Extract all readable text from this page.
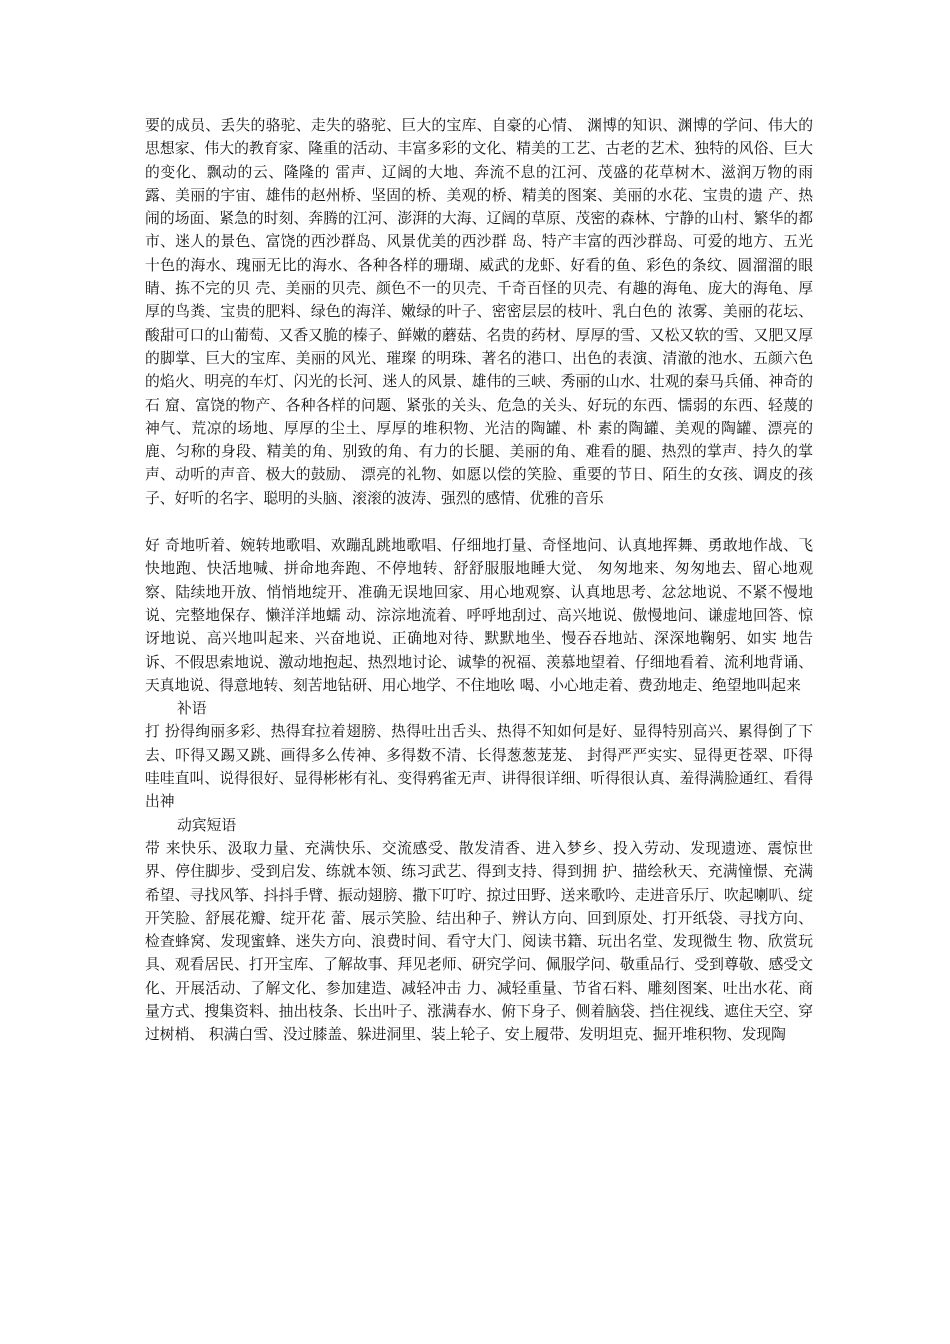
要的成员、丢失的骆驼、走失的骆驼、巨大的宝库、自豪的心情、 渊博的知识、渊博的学问、伟大的思想家、伟大的教育家、隆重的活动、丰富多彩的文化、精美的工艺、古老的艺术、独特的风俗、巨大的变化、飘动的云、隆隆的 雷声、辽阔的大地、奔流不息的江河、茂盛的花草树木、滋润万物的雨露、美丽的宇宙、雄伟的赵州桥、坚固的桥、美观的桥、精美的图案、美丽的水花、宝贵的遗 产、热闹的场面、紧急的时刻、奔腾的江河、澎湃的大海、辽阔的草原、茂密的森林、宁静的山村、繁华的都市、迷人的景色、富饶的西沙群岛、风景优美的西沙群 岛、特产丰富的西沙群岛、可爱的地方、五光十色的海水、瑰丽无比的海水、各种各样的珊瑚、威武的龙虾、好看的鱼、彩色的条纹、圆溜溜的眼睛、拣不完的贝 壳、美丽的贝壳、颜色不一的贝壳、千奇百怪的贝壳、有趣的海龟、庞大的海龟、厚厚的鸟粪、宝贵的肥料、绿色的海洋、嫩绿的叶子、密密层层的枝叶、乳白色的 浓雾、美丽的花坛、酸甜可口的山葡萄、又香又脆的榛子、鲜嫩的蘑菇、名贵的药材、厚厚的雪、又松又软的雪、又肥又厚的脚掌、巨大的宝库、美丽的风光、璀璨 的明珠、著名的港口、出色的表演、清澈的池水、五颜六色的焰火、明亮的车灯、闪光的长河、迷人的风景、雄伟的三峡、秀丽的山水、壮观的秦马兵俑、神奇的石 窟、富饶的物产、各种各样的问题、紧张的关头、危急的关头、好玩的东西、懦弱的东西、轻蔑的神气、荒凉的场地、厚厚的尘土、厚厚的堆积物、光洁的陶罐、朴 素的陶罐、美观的陶罐、漂亮的鹿、匀称的身段、精美的角、别致的角、有力的长腿、美丽的角、难看的腿、热烈的掌声、持久的掌声、动听的声音、极大的鼓励、 漂亮的礼物、如愿以偿的笑脸、重要的节日、陌生的女孩、调皮的孩子、好听的名字、聪明的头脑、滚滚的波涛、强烈的感情、优雅的音乐

好 奇地听着、婉转地歌唱、欢蹦乱跳地歌唱、仔细地打量、奇怪地问、认真地挥舞、勇敢地作战、飞快地跑、快活地喊、拼命地奔跑、不停地转、舒舒服服地睡大觉、 匆匆地来、匆匆地去、留心地观察、陆续地开放、悄悄地绽开、准确无误地回家、用心地观察、认真地思考、忿忿地说、不紧不慢地说、完整地保存、懒洋洋地蠕 动、淙淙地流着、呼呼地刮过、高兴地说、傲慢地问、谦虚地回答、惊讶地说、高兴地叫起来、兴奋地说、正确地对待、默默地坐、慢吞吞地站、深深地鞠躬、如实 地告诉、不假思索地说、激动地抱起、热烈地讨论、诚挚的祝福、羡慕地望着、仔细地看着、流利地背诵、天真地说、得意地转、刻苦地钻研、用心地学、不住地吆 喝、小心地走着、费劲地走、绝望地叫起来

补语

打 扮得绚丽多彩、热得耷拉着翅膀、热得吐出舌头、热得不知如何是好、显得特别高兴、累得倒了下去、吓得又踢又跳、画得多么传神、多得数不清、长得葱葱茏茏、 封得严严实实、显得更苍翠、吓得哇哇直叫、说得很好、显得彬彬有礼、变得鸦雀无声、讲得很详细、听得很认真、羞得满脸通红、看得出神

动宾短语

带 来快乐、汲取力量、充满快乐、交流感受、散发清香、进入梦乡、投入劳动、发现遗迹、震惊世界、停住脚步、受到启发、练就本领、练习武艺、得到支持、得到拥 护、描绘秋天、充满憧憬、充满希望、寻找风筝、抖抖手臂、振动翅膀、撒下叮咛、掠过田野、送来歌吟、走进音乐厅、吹起喇叭、绽开笑脸、舒展花瓣、绽开花 蕾、展示笑脸、结出种子、辨认方向、回到原处、打开纸袋、寻找方向、检查蜂窝、发现蜜蜂、迷失方向、浪费时间、看守大门、阅读书籍、玩出名堂、发现微生 物、欣赏玩具、观看居民、打开宝库、了解故事、拜见老师、研究学问、佩服学问、敬重品行、受到尊敬、感受文化、开展活动、了解文化、参加建造、减轻冲击 力、减轻重量、节省石料、雕刻图案、吐出水花、商量方式、搜集资料、抽出枝条、长出叶子、涨满春水、俯下身子、侧着脑袋、挡住视线、遮住天空、穿过树梢、 积满白雪、没过膝盖、躲进洞里、装上轮子、安上履带、发明坦克、掘开堆积物、发现陶
